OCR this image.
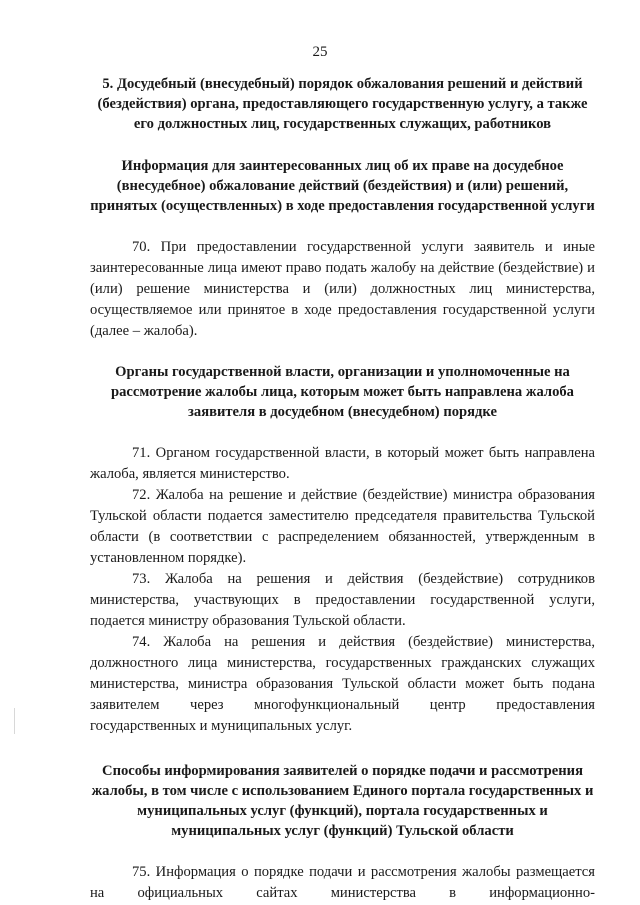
25

5. Досудебный (внесудебный) порядок обжалования решений и действий (бездействия) органа, предоставляющего государственную услугу, а также его должностных лиц, государственных служащих, работников

Информация для заинтересованных лиц об их праве на досудебное (внесудебное) обжалование действий (бездействия) и (или) решений, принятых (осуществленных) в ходе предоставления государственной услуги

70. При предоставлении государственной услуги заявитель и иные заинтересованные лица имеют право подать жалобу на действие (бездействие) и (или) решение министерства и (или) должностных лиц министерства, осуществляемое или принятое в ходе предоставления государственной услуги (далее – жалоба).

Органы государственной власти, организации и уполномоченные на рассмотрение жалобы лица, которым может быть направлена жалоба заявителя в досудебном (внесудебном) порядке

71. Органом государственной власти, в который может быть направлена жалоба, является министерство.

72. Жалоба на решение и действие (бездействие) министра образования Тульской области подается заместителю председателя правительства Тульской области (в соответствии с распределением обязанностей, утвержденным в установленном порядке).

73. Жалоба на решения и действия (бездействие) сотрудников министерства, участвующих в предоставлении государственной услуги, подается министру образования Тульской области.

74. Жалоба на решения и действия (бездействие) министерства, должностного лица министерства, государственных гражданских служащих министерства, министра образования Тульской области может быть подана заявителем через многофункциональный центр предоставления государственных и муниципальных услуг.

Способы информирования заявителей о порядке подачи и рассмотрения жалобы, в том числе с использованием Единого портала государственных и муниципальных услуг (функций), портала государственных и муниципальных услуг (функций) Тульской области

75. Информация о порядке подачи и рассмотрения жалобы размещается на официальных сайтах министерства в информационно-
